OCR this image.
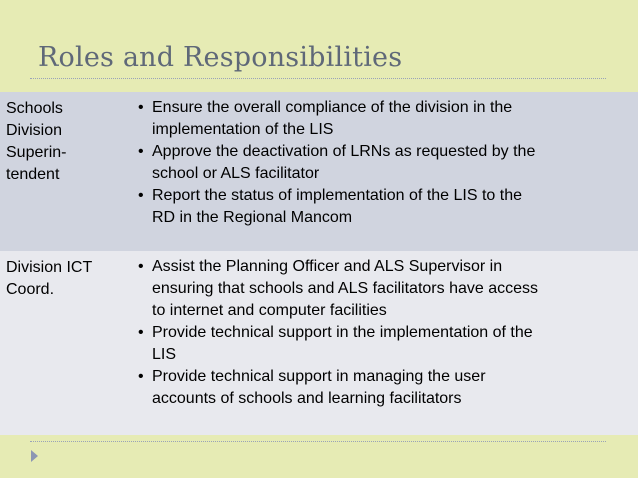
Roles and Responsibilities
Schools
Division
Superin-
tendent
• Ensure the overall compliance of the division in the
implementation of the LIS
• Approve the deactivation of LRNs as requested by the
school or ALS facilitator
• Report the status of implementation of the LIS to the
RD in the Regional Mancom
Division ICT
Coord.
• Assist the Planning Officer and ALS Supervisor in
ensuring that schools and ALS facilitators have access
to internet and computer facilities
• Provide technical support in the implementation of the
LIS
• Provide technical support in managing the user
accounts of schools and learning facilitators
